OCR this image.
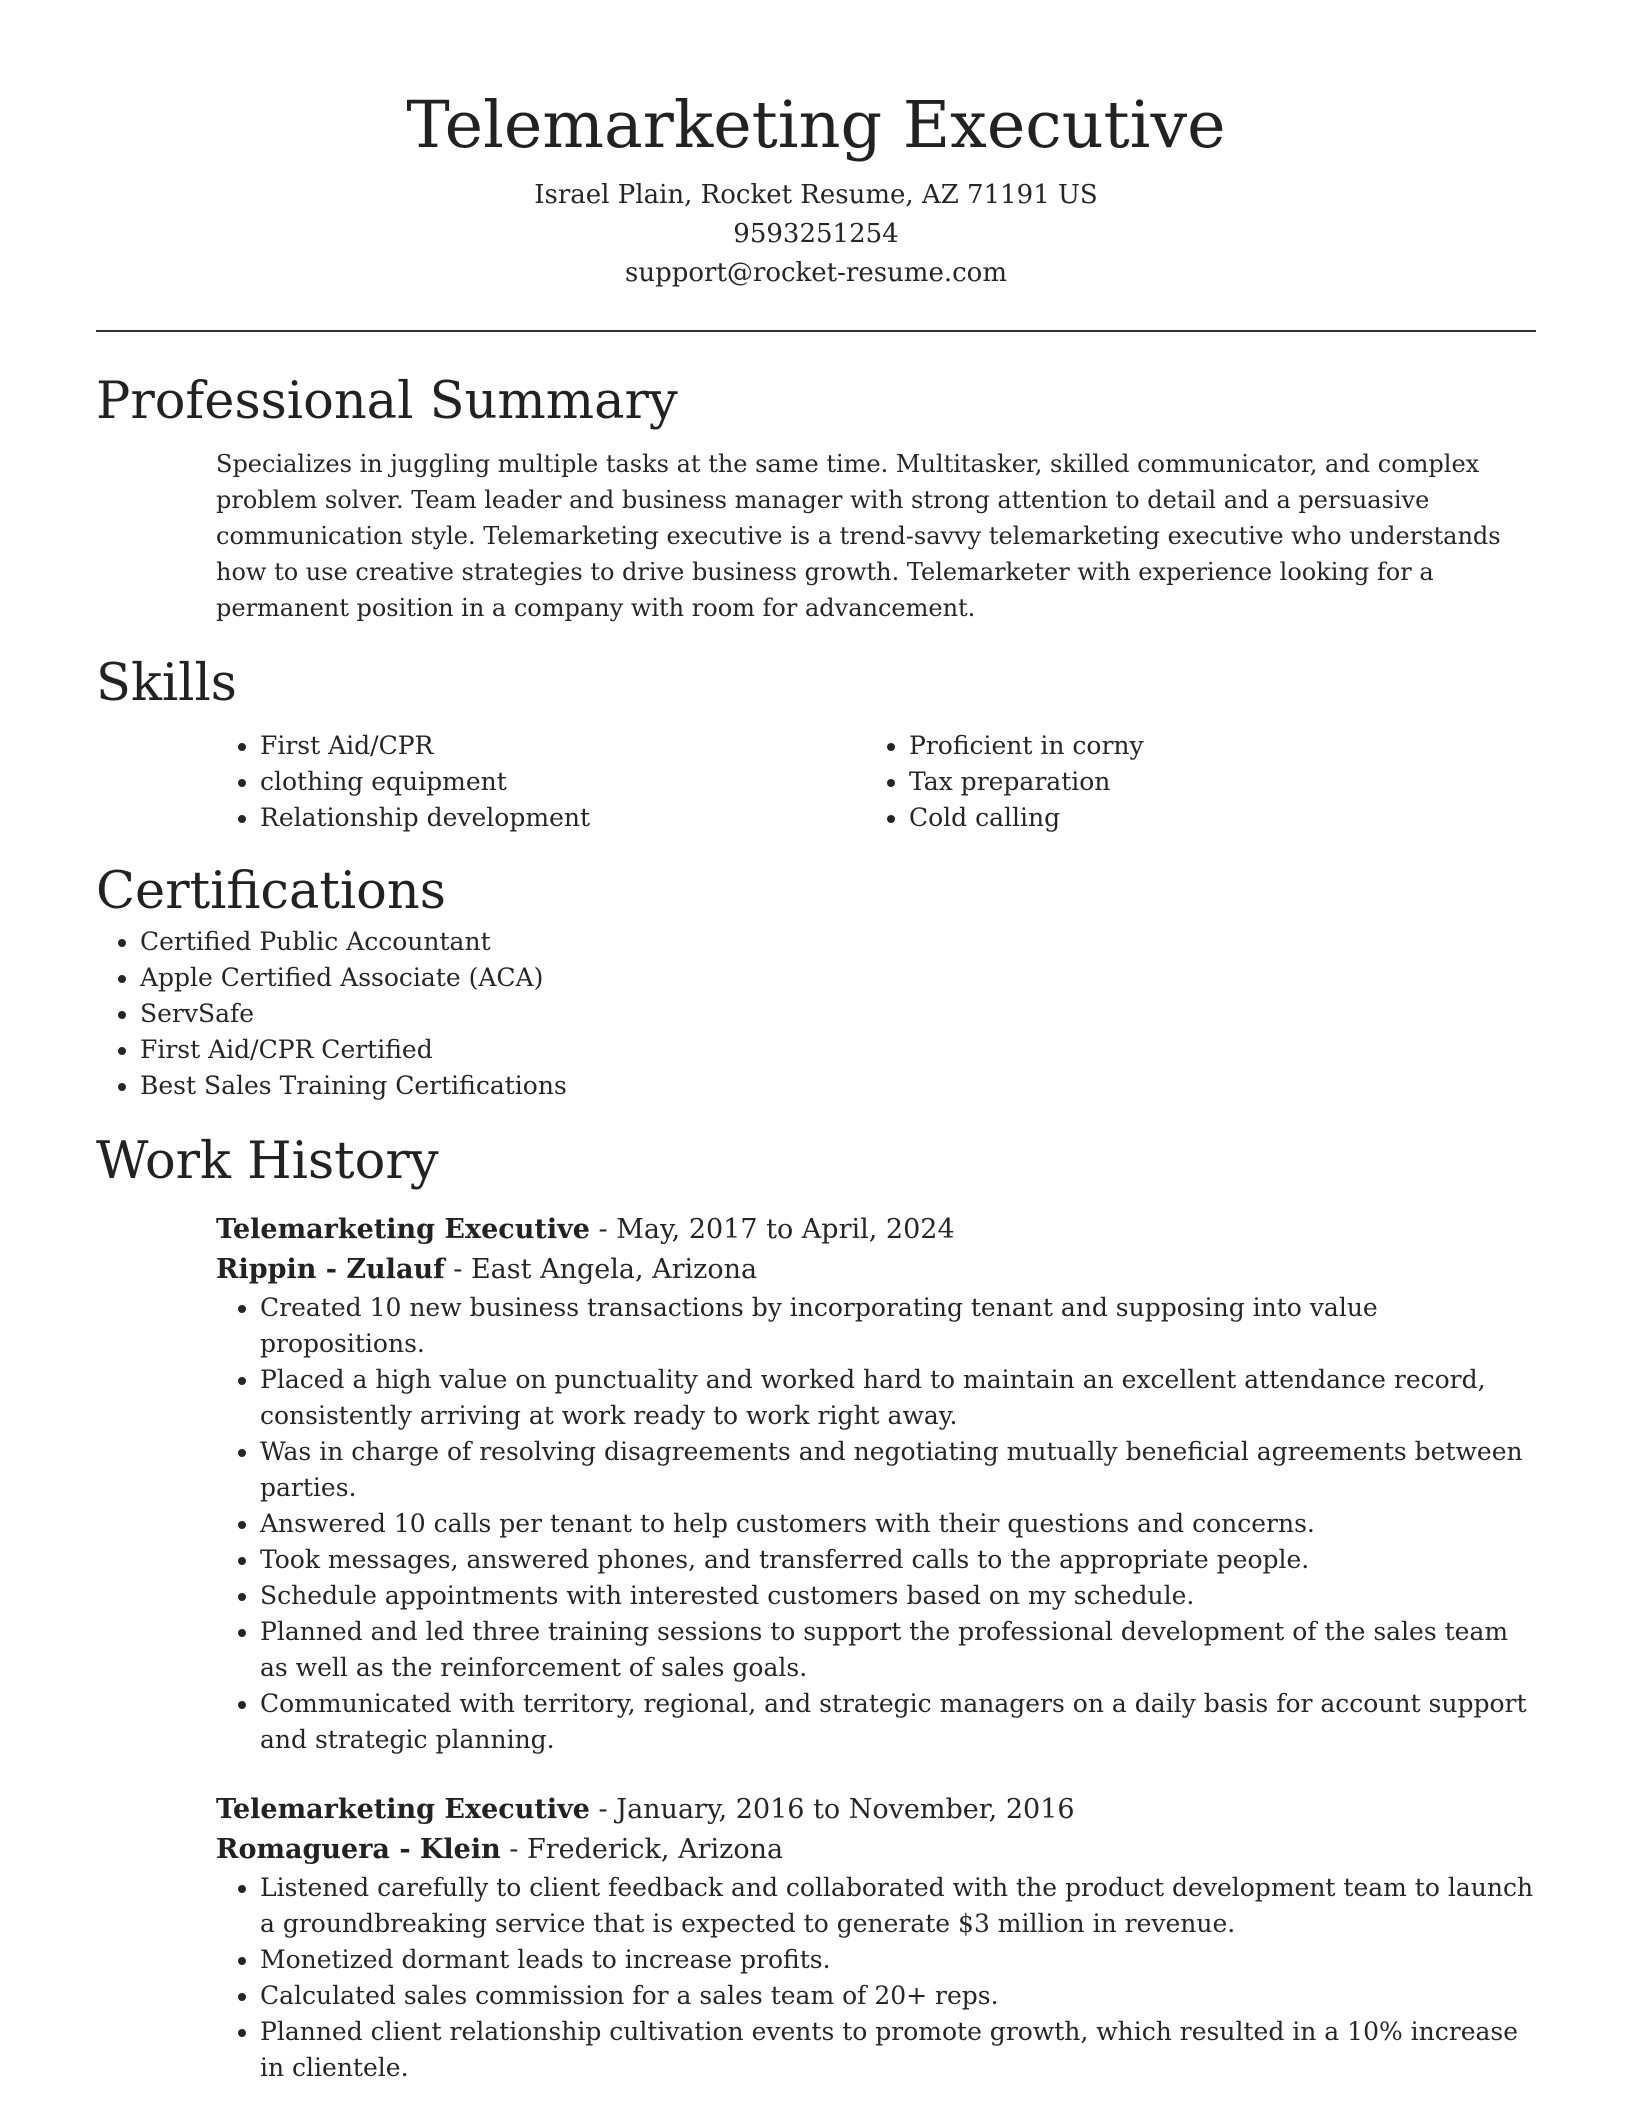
Telemarketing Executive

Israel Plain, Rocket Resume, AZ 71191 US

9593251254

support@rocket-resume.com

Professional Summary

Specializes in juggling multiple tasks at the same time. Multitasker, skilled communicator, and complex problem solver. Team leader and business manager with strong attention to detail and a persuasive communication style. Telemarketing executive is a trend-savvy telemarketing executive who understands how to use creative strategies to drive business growth. Telemarketer with experience looking for a permanent position in a company with room for advancement.

Skills
• First Aid/CPR
• clothing equipment
• Relationship development
• Proficient in corny
• Tax preparation
• Cold calling
Certifications
• Certified Public Accountant
• Apple Certified Associate (ACA)
• ServSafe
• First Aid/CPR Certified
• Best Sales Training Certifications
Work History

Telemarketing Executive - May, 2017 to April, 2024

Rippin - Zulauf - East Angela, Arizona

• Created 10 new business transactions by incorporating tenant and supposing into value propositions.
• Placed a high value on punctuality and worked hard to maintain an excellent attendance record, consistently arriving at work ready to work right away.
• Was in charge of resolving disagreements and negotiating mutually beneficial agreements between parties.
• Answered 10 calls per tenant to help customers with their questions and concerns.
• Took messages, answered phones, and transferred calls to the appropriate people.
• Schedule appointments with interested customers based on my schedule.
• Planned and led three training sessions to support the professional development of the sales team as well as the reinforcement of sales goals.
• Communicated with territory, regional, and strategic managers on a daily basis for account support and strategic planning.

Telemarketing Executive - January, 2016 to November, 2016

Romaguera - Klein - Frederick, Arizona

• Listened carefully to client feedback and collaborated with the product development team to launch a groundbreaking service that is expected to generate $3 million in revenue.
• Monetized dormant leads to increase profits.
• Calculated sales commission for a sales team of 20+ reps.
• Planned client relationship cultivation events to promote growth, which resulted in a 10% increase in clientele.
